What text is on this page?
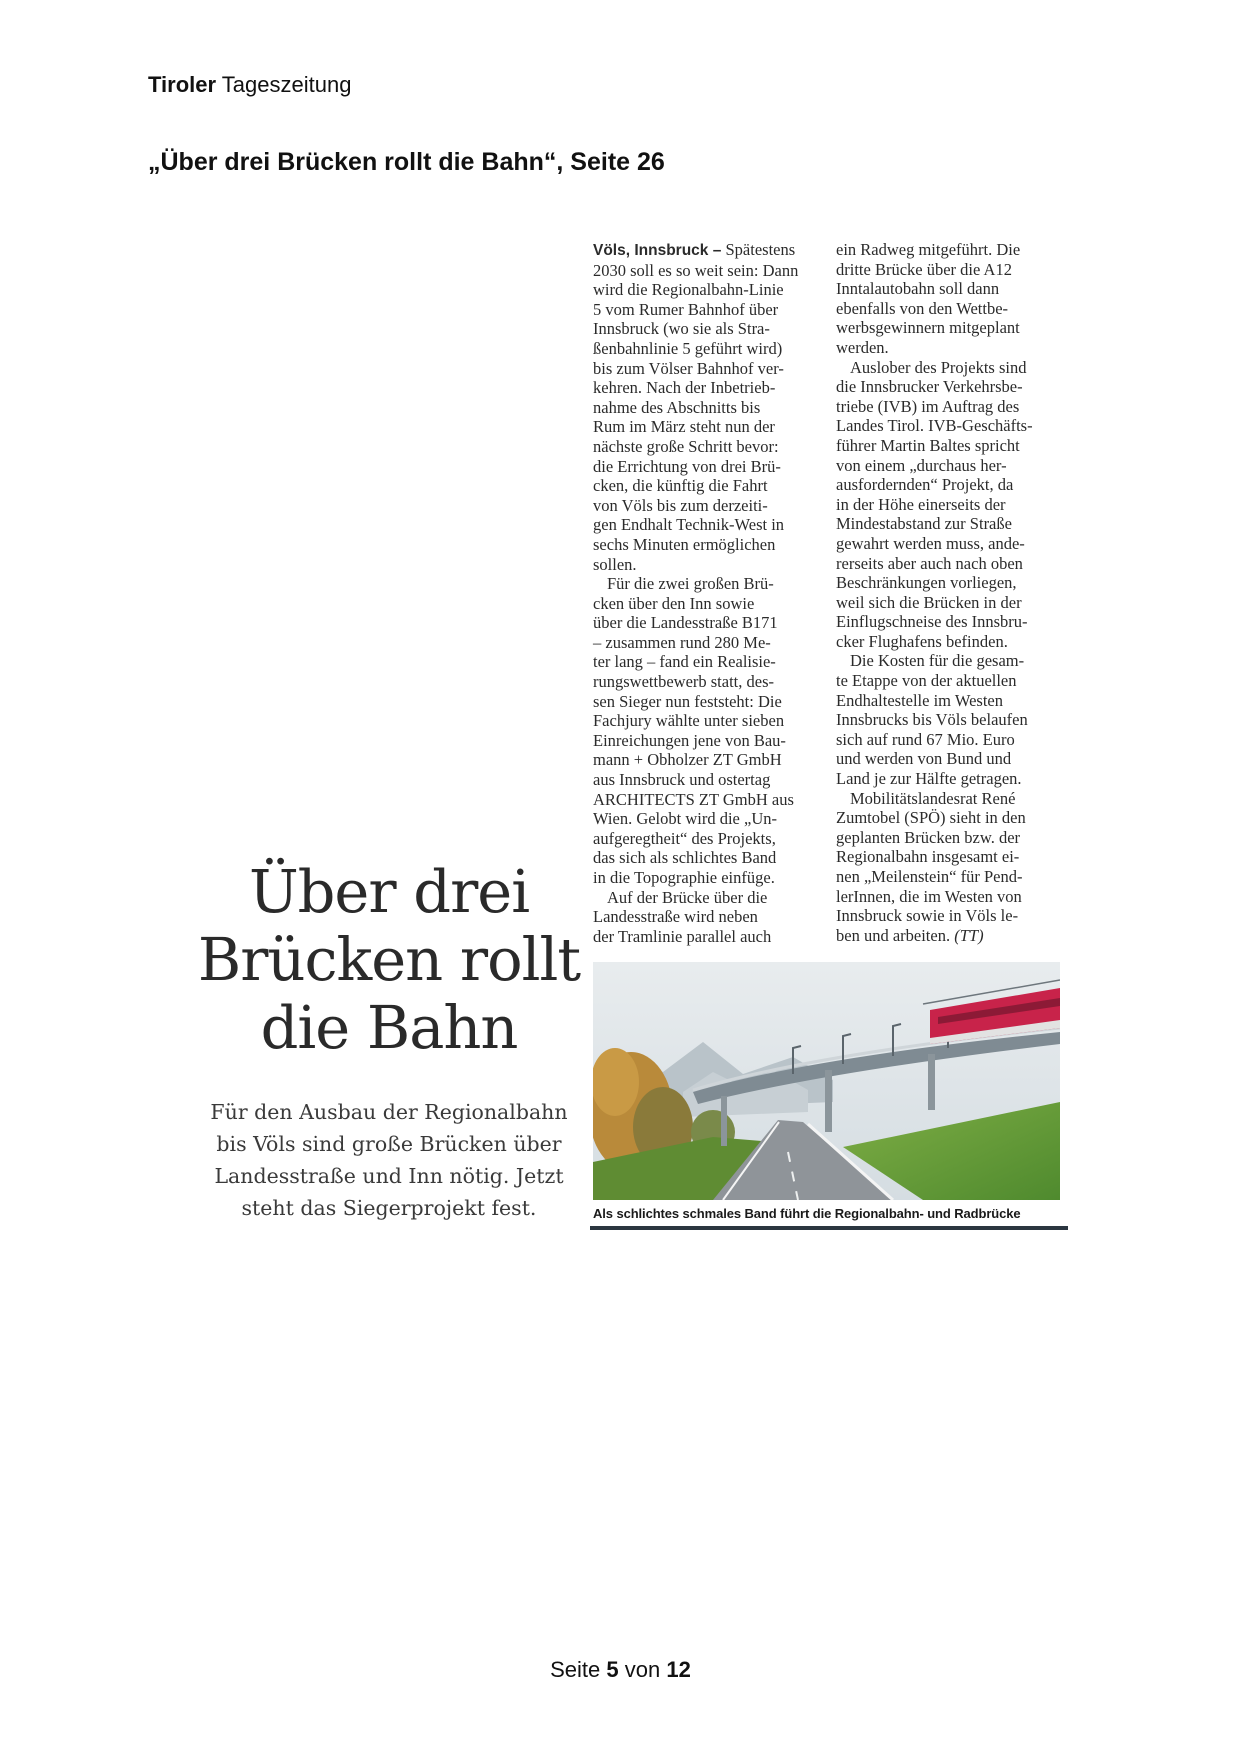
Tiroler Tageszeitung
„Über drei Brücken rollt die Bahn“, Seite 26
Über drei
Brücken rollt
die Bahn
Für den Ausbau der Regionalbahn
bis Völs sind große Brücken über
Landesstraße und Inn nötig. Jetzt
steht das Siegerprojekt fest.
Völs, Innsbruck – Spätestens
2030 soll es so weit sein: Dann
wird die Regionalbahn-Linie
5 vom Rumer Bahnhof über
Innsbruck (wo sie als Stra-
ßenbahnlinie 5 geführt wird)
bis zum Völser Bahnhof ver-
kehren. Nach der Inbetrieb-
nahme des Abschnitts bis
Rum im März steht nun der
nächste große Schritt bevor:
die Errichtung von drei Brü-
cken, die künftig die Fahrt
von Völs bis zum derzeiti-
gen Endhalt Technik-West in
sechs Minuten ermöglichen
sollen.
Für die zwei großen Brü-
cken über den Inn sowie
über die Landesstraße B171
– zusammen rund 280 Me-
ter lang – fand ein Realisie-
rungswettbewerb statt, des-
sen Sieger nun feststeht: Die
Fachjury wählte unter sieben
Einreichungen jene von Bau-
mann + Obholzer ZT GmbH
aus Innsbruck und ostertag
ARCHITECTS ZT GmbH aus
Wien. Gelobt wird die „Un-
aufgeregtheit“ des Projekts,
das sich als schlichtes Band
in die Topographie einfüge.
Auf der Brücke über die
Landesstraße wird neben
der Tramlinie parallel auch
ein Radweg mitgeführt. Die
dritte Brücke über die A12
Inntalautobahn soll dann
ebenfalls von den Wettbe-
werbsgewinnern mitgeplant
werden.
Auslober des Projekts sind
die Innsbrucker Verkehrsbe-
triebe (IVB) im Auftrag des
Landes Tirol. IVB-Geschäfts-
führer Martin Baltes spricht
von einem „durchaus her-
ausfordernden“ Projekt, da
in der Höhe einerseits der
Mindestabstand zur Straße
gewahrt werden muss, ande-
rerseits aber auch nach oben
Beschränkungen vorliegen,
weil sich die Brücken in der
Einflugschneise des Innsbru-
cker Flughafens befinden.
Die Kosten für die gesam-
te Etappe von der aktuellen
Endhaltestelle im Westen
Innsbrucks bis Völs belaufen
sich auf rund 67 Mio. Euro
und werden von Bund und
Land je zur Hälfte getragen.
Mobilitätslandesrat René
Zumtobel (SPÖ) sieht in den
geplanten Brücken bzw. der
Regionalbahn insgesamt ei-
nen „Meilenstein“ für Pend-
lerInnen, die im Westen von
Innsbruck sowie in Völs le-
ben und arbeiten. (TT)
Als schlichtes schmales Band führt die Regionalbahn- und Radbrücke
Seite 5 von 12
